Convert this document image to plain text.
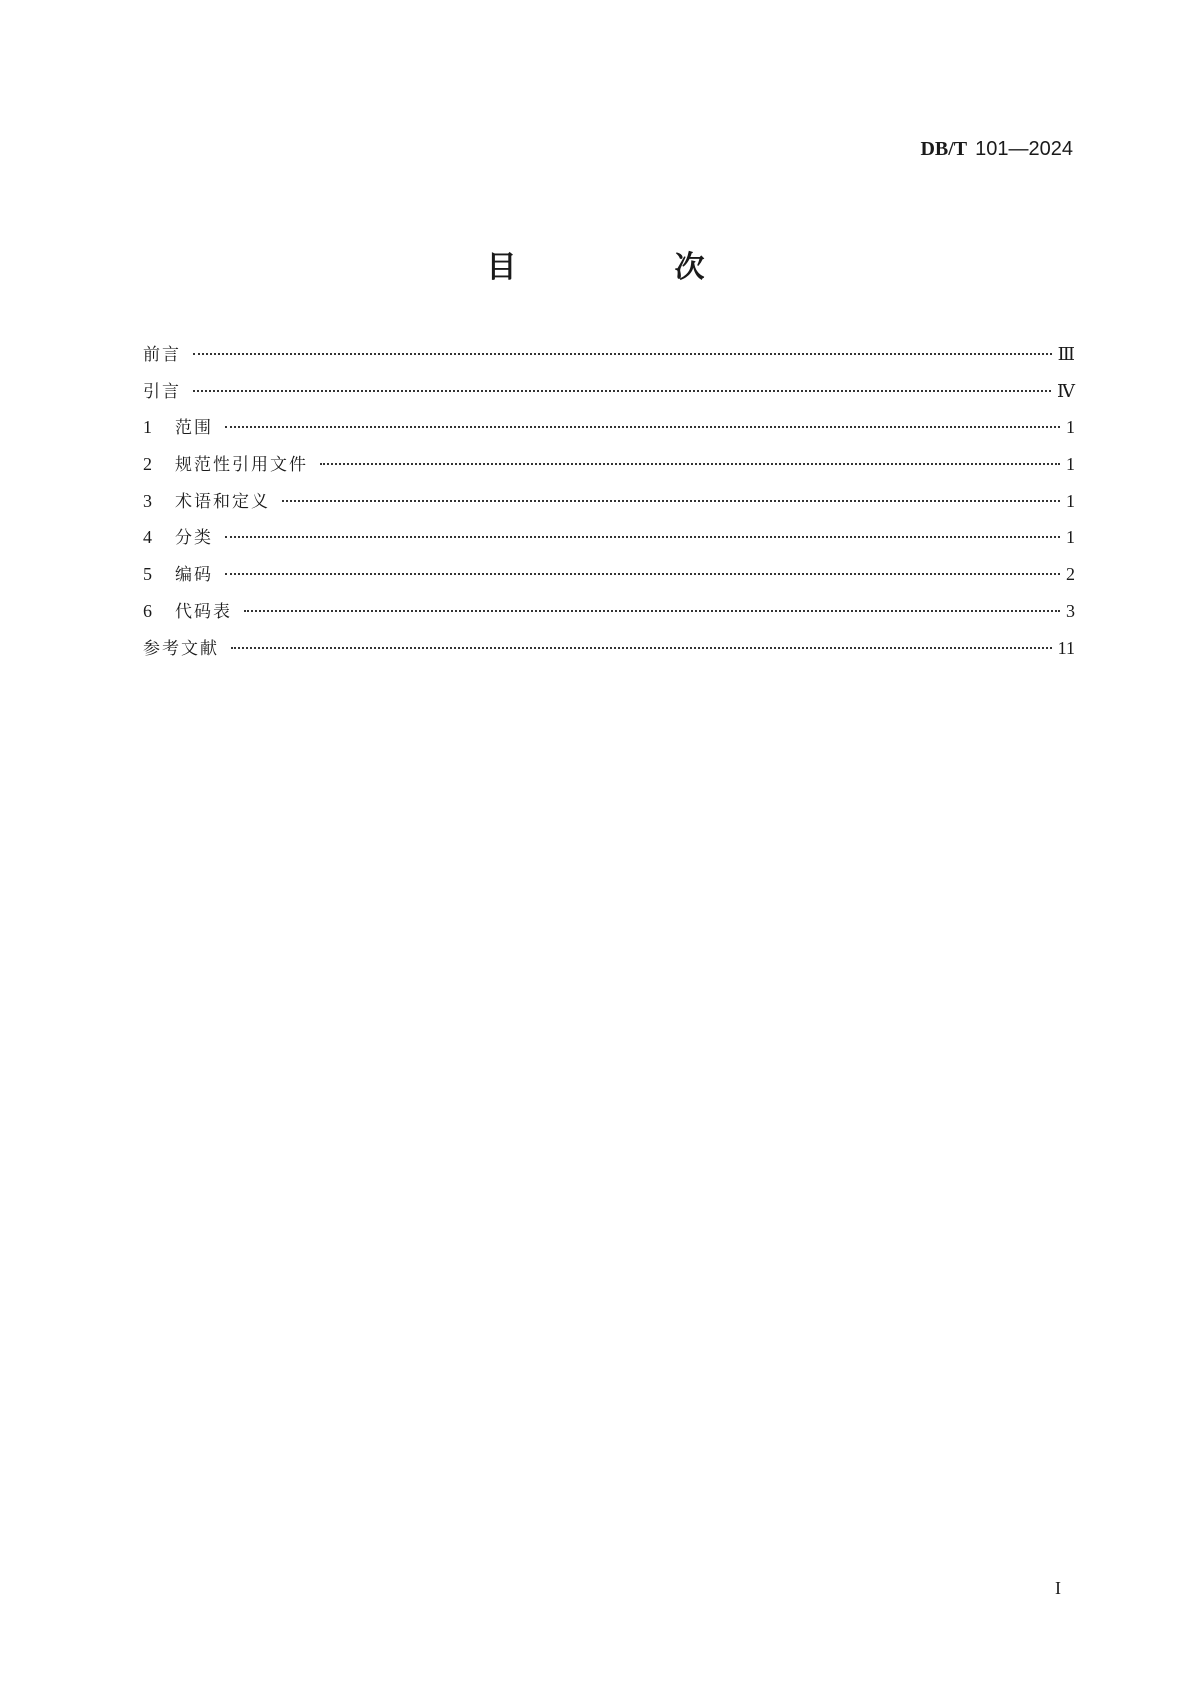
DB/T 101—2024
目　次
前言	Ⅲ
引言	Ⅳ
1	范围	1
2	规范性引用文件	1
3	术语和定义	1
4	分类	1
5	编码	2
6	代码表	3
参考文献	11
I
